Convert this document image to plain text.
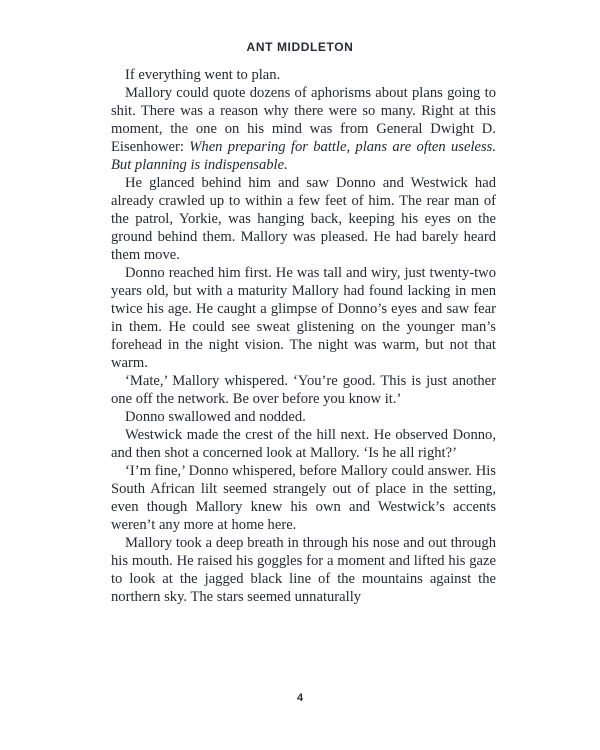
ANT MIDDLETON

If everything went to plan.

Mallory could quote dozens of aphorisms about plans going to shit. There was a reason why there were so many. Right at this moment, the one on his mind was from General Dwight D. Eisenhower: When preparing for battle, plans are often useless. But planning is indispensable.

He glanced behind him and saw Donno and Westwick had already crawled up to within a few feet of him. The rear man of the patrol, Yorkie, was hanging back, keeping his eyes on the ground behind them. Mallory was pleased. He had barely heard them move.

Donno reached him first. He was tall and wiry, just twenty-two years old, but with a maturity Mallory had found lacking in men twice his age. He caught a glimpse of Donno’s eyes and saw fear in them. He could see sweat glistening on the younger man’s forehead in the night vision. The night was warm, but not that warm.

‘Mate,’ Mallory whispered. ‘You’re good. This is just another one off the network. Be over before you know it.’

Donno swallowed and nodded.

Westwick made the crest of the hill next. He observed Donno, and then shot a concerned look at Mallory. ‘Is he all right?’

‘I’m fine,’ Donno whispered, before Mallory could answer. His South African lilt seemed strangely out of place in the setting, even though Mallory knew his own and Westwick’s accents weren’t any more at home here.

Mallory took a deep breath in through his nose and out through his mouth. He raised his goggles for a moment and lifted his gaze to look at the jagged black line of the mountains against the northern sky. The stars seemed unnaturally

4
